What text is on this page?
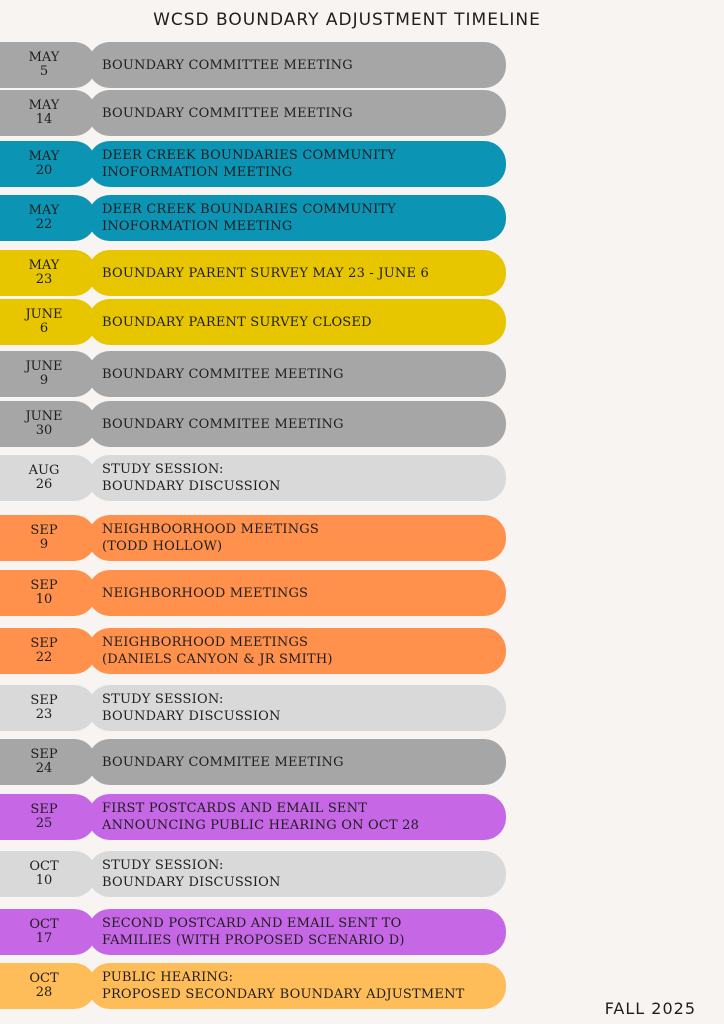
WCSD BOUNDARY ADJUSTMENT TIMELINE
BOUNDARY COMMITTEE MEETING
MAY
5
BOUNDARY COMMITTEE MEETING
MAY
14
DEER CREEK BOUNDARIES COMMUNITY
INOFORMATION MEETING
MAY
20
DEER CREEK BOUNDARIES COMMUNITY
INOFORMATION MEETING
MAY
22
BOUNDARY PARENT SURVEY MAY 23 - JUNE 6
MAY
23
BOUNDARY PARENT SURVEY CLOSED
JUNE
6
BOUNDARY COMMITEE MEETING
JUNE
9
BOUNDARY COMMITEE MEETING
JUNE
30
STUDY SESSION:
BOUNDARY DISCUSSION
AUG
26
NEIGHBOORHOOD MEETINGS
(TODD HOLLOW)
SEP
9
NEIGHBORHOOD MEETINGS
SEP
10
NEIGHBORHOOD MEETINGS
(DANIELS CANYON & JR SMITH)
SEP
22
STUDY SESSION:
BOUNDARY DISCUSSION
SEP
23
BOUNDARY COMMITEE MEETING
SEP
24
FIRST POSTCARDS AND EMAIL SENT
ANNOUNCING PUBLIC HEARING ON OCT 28
SEP
25
STUDY SESSION:
BOUNDARY DISCUSSION
OCT
10
SECOND POSTCARD AND EMAIL SENT TO
FAMILIES (WITH PROPOSED SCENARIO D)
OCT
17
PUBLIC HEARING:
PROPOSED SECONDARY BOUNDARY ADJUSTMENT
OCT
28
FALL 2025
